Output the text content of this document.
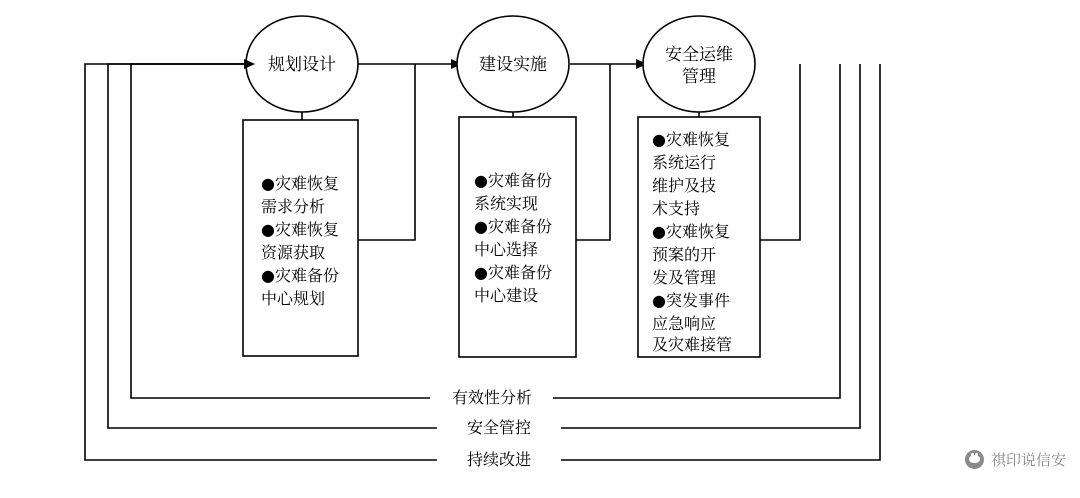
规划设计
●灾难恢复
需求分析
●灾难恢复
资源获取
●灾难备份
中心规划
建设实施
●灾难备份
系统实现
●灾难备份
中心选择
●灾难备份
中心建设
安全运维
管理
●灾难恢复
系统运行
维护及技
术支持
●灾难恢复
预案的开
发及管理
●突发事件
应急响应
及灾难接管
有效性分析
安全管控
持续改进	祺印说信安
